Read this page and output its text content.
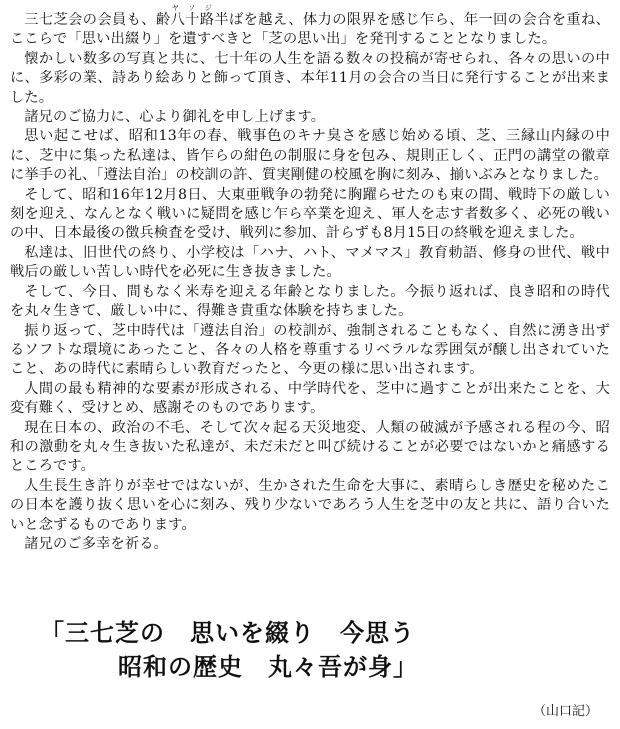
三七芝会の会員も、齢八十路ヤ ソ ジ半ばを越え、体力の限界を感じ乍ら、年一回の会合を重ね、ここらで「思い出綴り」を遺すべきと「芝の思い出」を発刊することとなりました。

懐かしい数多の写真と共に、七十年の人生を語る数々の投稿が寄せられ、各々の思いの中に、多彩の業、詩あり絵ありと飾って頂き、本年11月の会合の当日に発行することが出来ました。

諸兄のご協力に、心より御礼を申し上げます。

思い起こせば、昭和13年の春、戦事色のキナ臭さを感じ始める頃、芝、三縁山内縁の中に、芝中に集った私達は、皆乍らの紺色の制服に身を包み、規則正しく、正門の講堂の徽章に挙手の礼、「遵法自治」の校訓の許、質実剛健の校風を胸に刻み、揃いぶみとなりました。

そして、昭和16年12月8日、大東亜戦争の勃発に胸躍らせたのも束の間、戦時下の厳しい刻を迎え、なんとなく戦いに疑問を感じ乍ら卒業を迎え、軍人を志す者数多く、必死の戦いの中、日本最後の徴兵検査を受け、戦列に参加、計らずも8月15日の終戦を迎えました。

私達は、旧世代の終り、小学校は「ハナ、ハト、マメマス」教育勅語、修身の世代、戦中戦后の厳しい苦しい時代を必死に生き抜きました。

そして、今日、間もなく米寿を迎える年齢となりました。今振り返れば、良き昭和の時代を丸々生きて、厳しい中に、得難き貴重な体験を持ちました。

振り返って、芝中時代は「遵法自治」の校訓が、強制されることもなく、自然に湧き出ずるソフトな環境にあったこと、各々の人格を尊重するリベラルな雰囲気が醸し出されていたこと、あの時代に素晴らしい教育だったと、今更の様に思い出されます。

人間の最も精神的な要素が形成される、中学時代を、芝中に過すことが出来たことを、大変有難く、受けとめ、感謝そのものであります。

現在日本の、政治の不毛、そして次々起る天災地変、人類の破滅が予感される程の今、昭和の激動を丸々生き抜いた私達が、未だ未だと叫び続けることが必要ではないかと痛感するところです。

人生長生き許りが幸せではないが、生かされた生命を大事に、素晴らしき歴史を秘めたこの日本を護り抜く思いを心に刻み、残り少ないであろう人生を芝中の友と共に、語り合いたいと念ずるものであります。

諸兄のご多幸を祈る。

「三七芝の　思いを綴り　今思う
昭和の歴史　丸々吾が身」
（山口記）
